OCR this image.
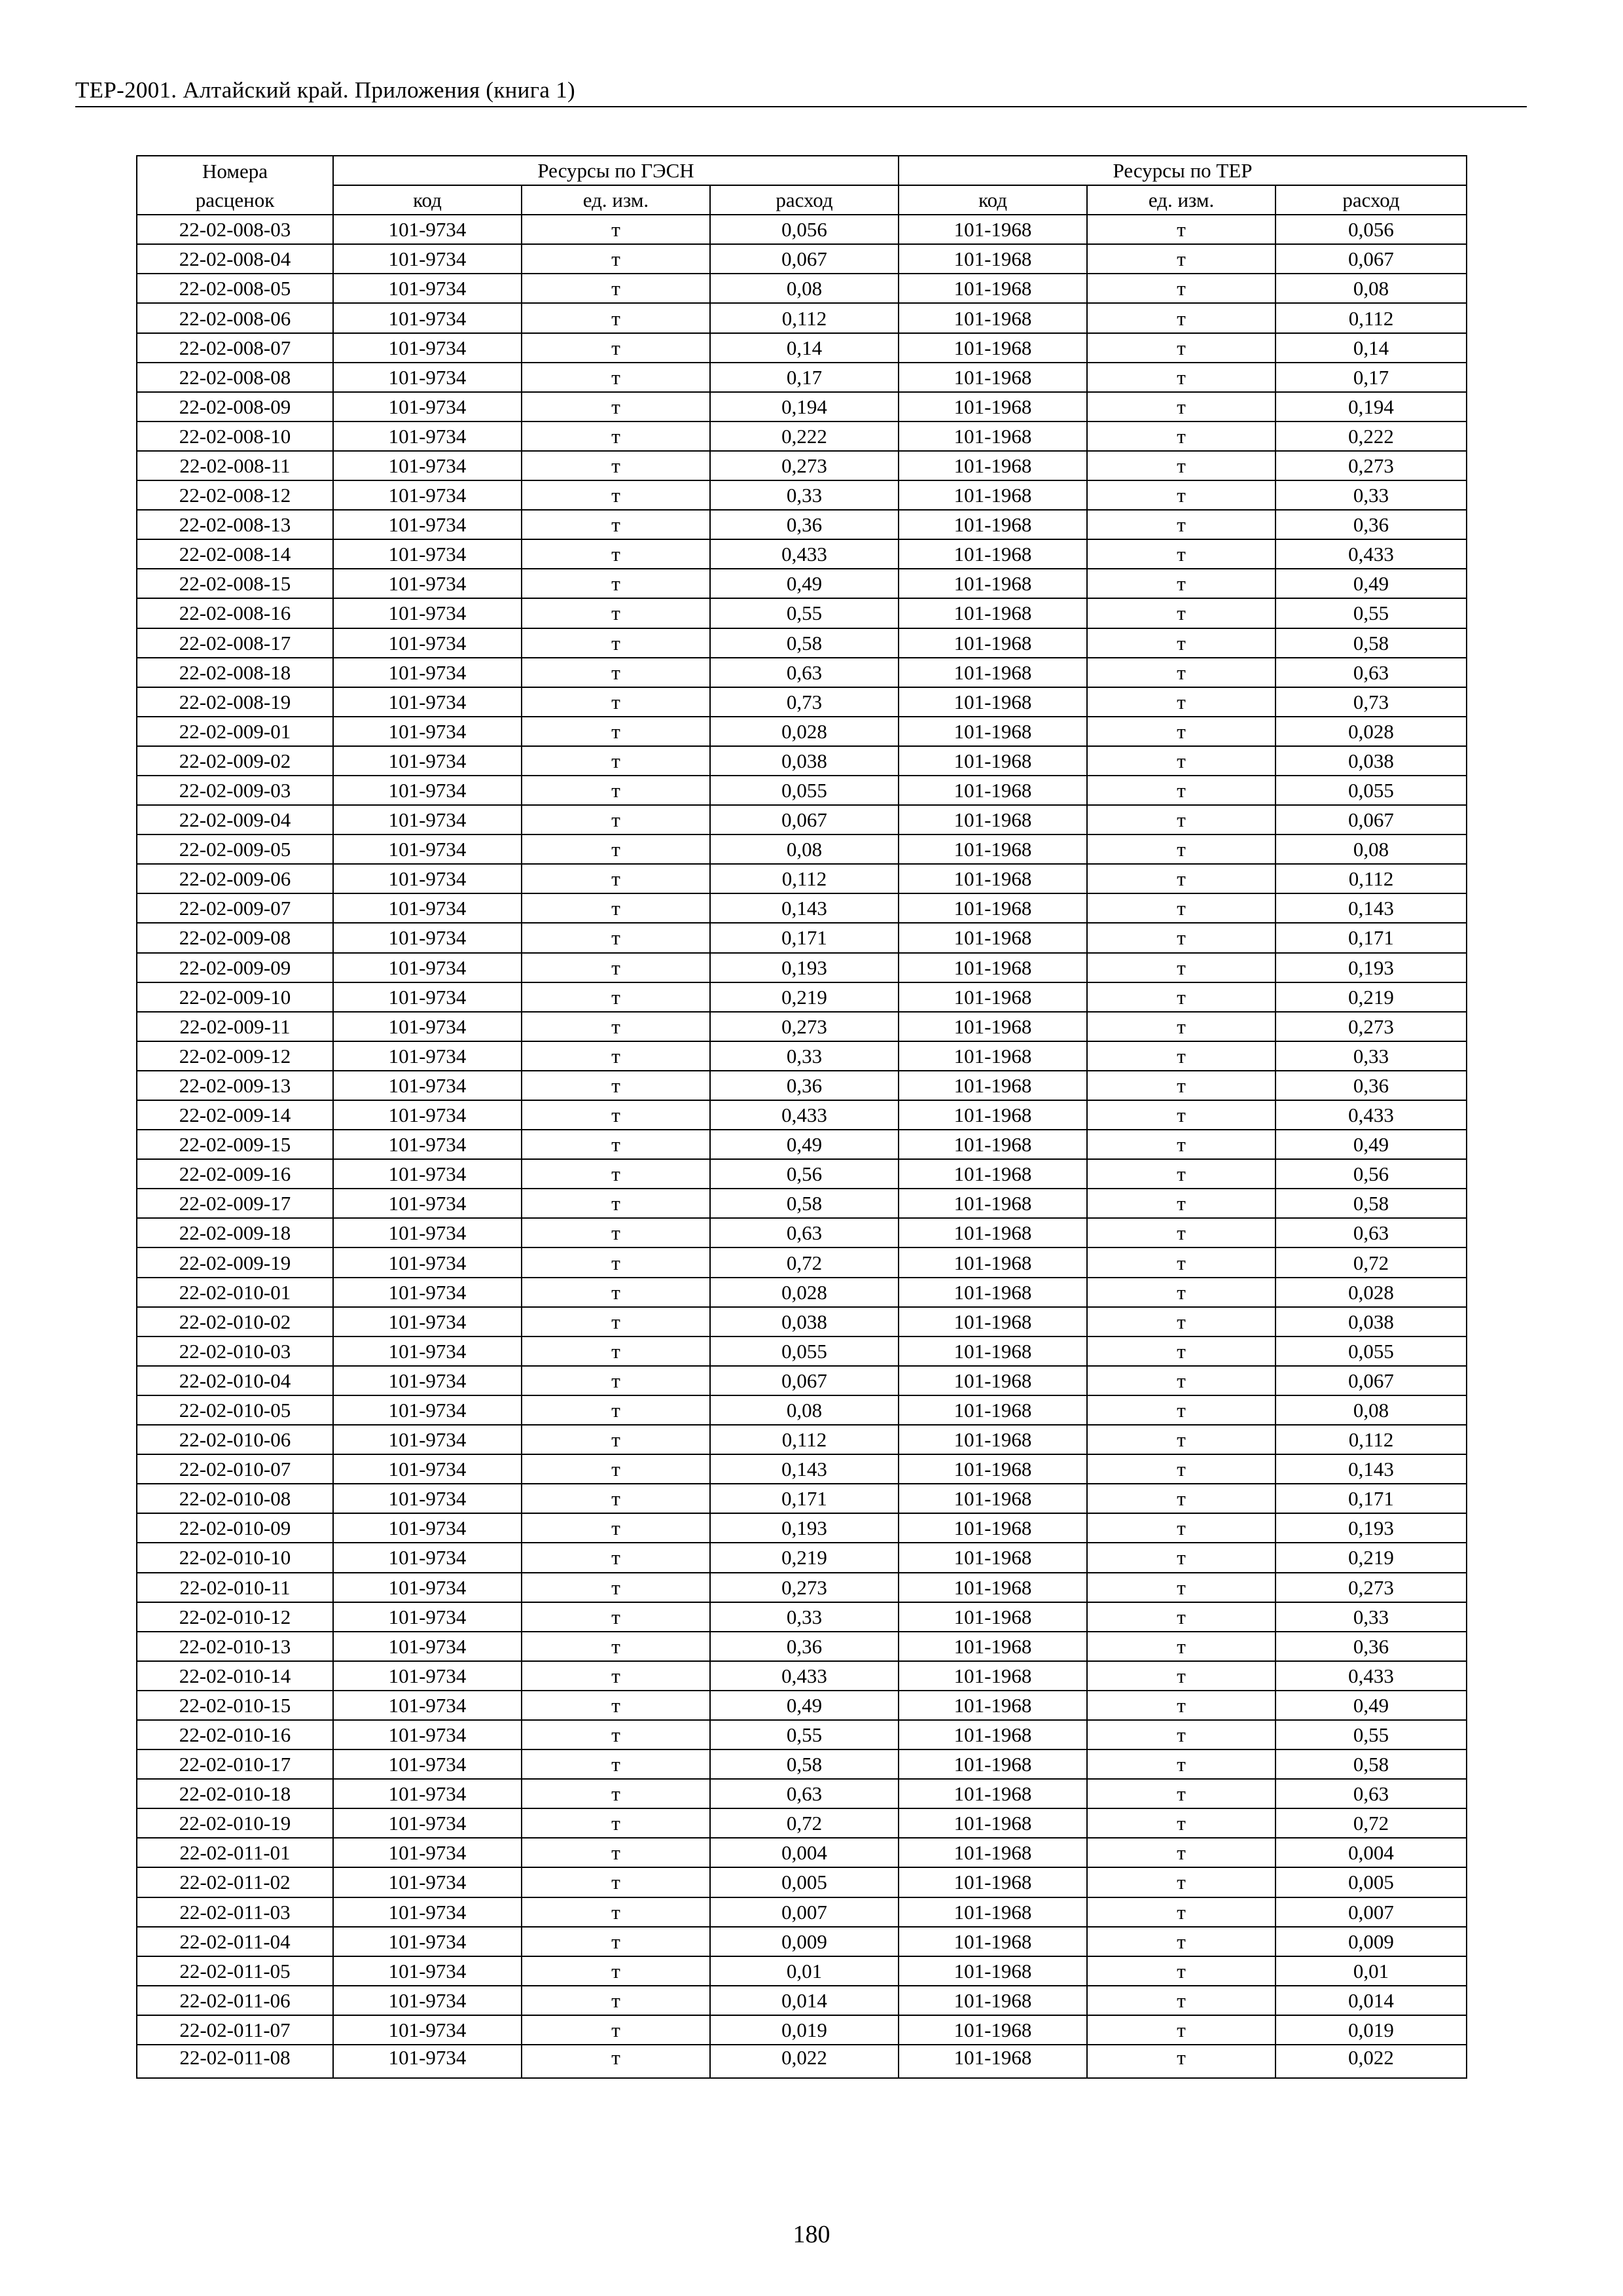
ТЕР-2001. Алтайский край. Приложения (книга 1)
Номера	Ресурсы по ГЭСН			Ресурсы по ТЕР		
расценок	код	ед. изм.	расход	код	ед. изм.	расход
22-02-008-03	101-9734	т	0,056	101-1968	т	0,056
22-02-008-04	101-9734	т	0,067	101-1968	т	0,067
22-02-008-05	101-9734	т	0,08	101-1968	т	0,08
22-02-008-06	101-9734	т	0,112	101-1968	т	0,112
22-02-008-07	101-9734	т	0,14	101-1968	т	0,14
22-02-008-08	101-9734	т	0,17	101-1968	т	0,17
22-02-008-09	101-9734	т	0,194	101-1968	т	0,194
22-02-008-10	101-9734	т	0,222	101-1968	т	0,222
22-02-008-11	101-9734	т	0,273	101-1968	т	0,273
22-02-008-12	101-9734	т	0,33	101-1968	т	0,33
22-02-008-13	101-9734	т	0,36	101-1968	т	0,36
22-02-008-14	101-9734	т	0,433	101-1968	т	0,433
22-02-008-15	101-9734	т	0,49	101-1968	т	0,49
22-02-008-16	101-9734	т	0,55	101-1968	т	0,55
22-02-008-17	101-9734	т	0,58	101-1968	т	0,58
22-02-008-18	101-9734	т	0,63	101-1968	т	0,63
22-02-008-19	101-9734	т	0,73	101-1968	т	0,73
22-02-009-01	101-9734	т	0,028	101-1968	т	0,028
22-02-009-02	101-9734	т	0,038	101-1968	т	0,038
22-02-009-03	101-9734	т	0,055	101-1968	т	0,055
22-02-009-04	101-9734	т	0,067	101-1968	т	0,067
22-02-009-05	101-9734	т	0,08	101-1968	т	0,08
22-02-009-06	101-9734	т	0,112	101-1968	т	0,112
22-02-009-07	101-9734	т	0,143	101-1968	т	0,143
22-02-009-08	101-9734	т	0,171	101-1968	т	0,171
22-02-009-09	101-9734	т	0,193	101-1968	т	0,193
22-02-009-10	101-9734	т	0,219	101-1968	т	0,219
22-02-009-11	101-9734	т	0,273	101-1968	т	0,273
22-02-009-12	101-9734	т	0,33	101-1968	т	0,33
22-02-009-13	101-9734	т	0,36	101-1968	т	0,36
22-02-009-14	101-9734	т	0,433	101-1968	т	0,433
22-02-009-15	101-9734	т	0,49	101-1968	т	0,49
22-02-009-16	101-9734	т	0,56	101-1968	т	0,56
22-02-009-17	101-9734	т	0,58	101-1968	т	0,58
22-02-009-18	101-9734	т	0,63	101-1968	т	0,63
22-02-009-19	101-9734	т	0,72	101-1968	т	0,72
22-02-010-01	101-9734	т	0,028	101-1968	т	0,028
22-02-010-02	101-9734	т	0,038	101-1968	т	0,038
22-02-010-03	101-9734	т	0,055	101-1968	т	0,055
22-02-010-04	101-9734	т	0,067	101-1968	т	0,067
22-02-010-05	101-9734	т	0,08	101-1968	т	0,08
22-02-010-06	101-9734	т	0,112	101-1968	т	0,112
22-02-010-07	101-9734	т	0,143	101-1968	т	0,143
22-02-010-08	101-9734	т	0,171	101-1968	т	0,171
22-02-010-09	101-9734	т	0,193	101-1968	т	0,193
22-02-010-10	101-9734	т	0,219	101-1968	т	0,219
22-02-010-11	101-9734	т	0,273	101-1968	т	0,273
22-02-010-12	101-9734	т	0,33	101-1968	т	0,33
22-02-010-13	101-9734	т	0,36	101-1968	т	0,36
22-02-010-14	101-9734	т	0,433	101-1968	т	0,433
22-02-010-15	101-9734	т	0,49	101-1968	т	0,49
22-02-010-16	101-9734	т	0,55	101-1968	т	0,55
22-02-010-17	101-9734	т	0,58	101-1968	т	0,58
22-02-010-18	101-9734	т	0,63	101-1968	т	0,63
22-02-010-19	101-9734	т	0,72	101-1968	т	0,72
22-02-011-01	101-9734	т	0,004	101-1968	т	0,004
22-02-011-02	101-9734	т	0,005	101-1968	т	0,005
22-02-011-03	101-9734	т	0,007	101-1968	т	0,007
22-02-011-04	101-9734	т	0,009	101-1968	т	0,009
22-02-011-05	101-9734	т	0,01	101-1968	т	0,01
22-02-011-06	101-9734	т	0,014	101-1968	т	0,014
22-02-011-07	101-9734	т	0,019	101-1968	т	0,019
22-02-011-08	101-9734	т	0,022	101-1968	т	0,022
180
